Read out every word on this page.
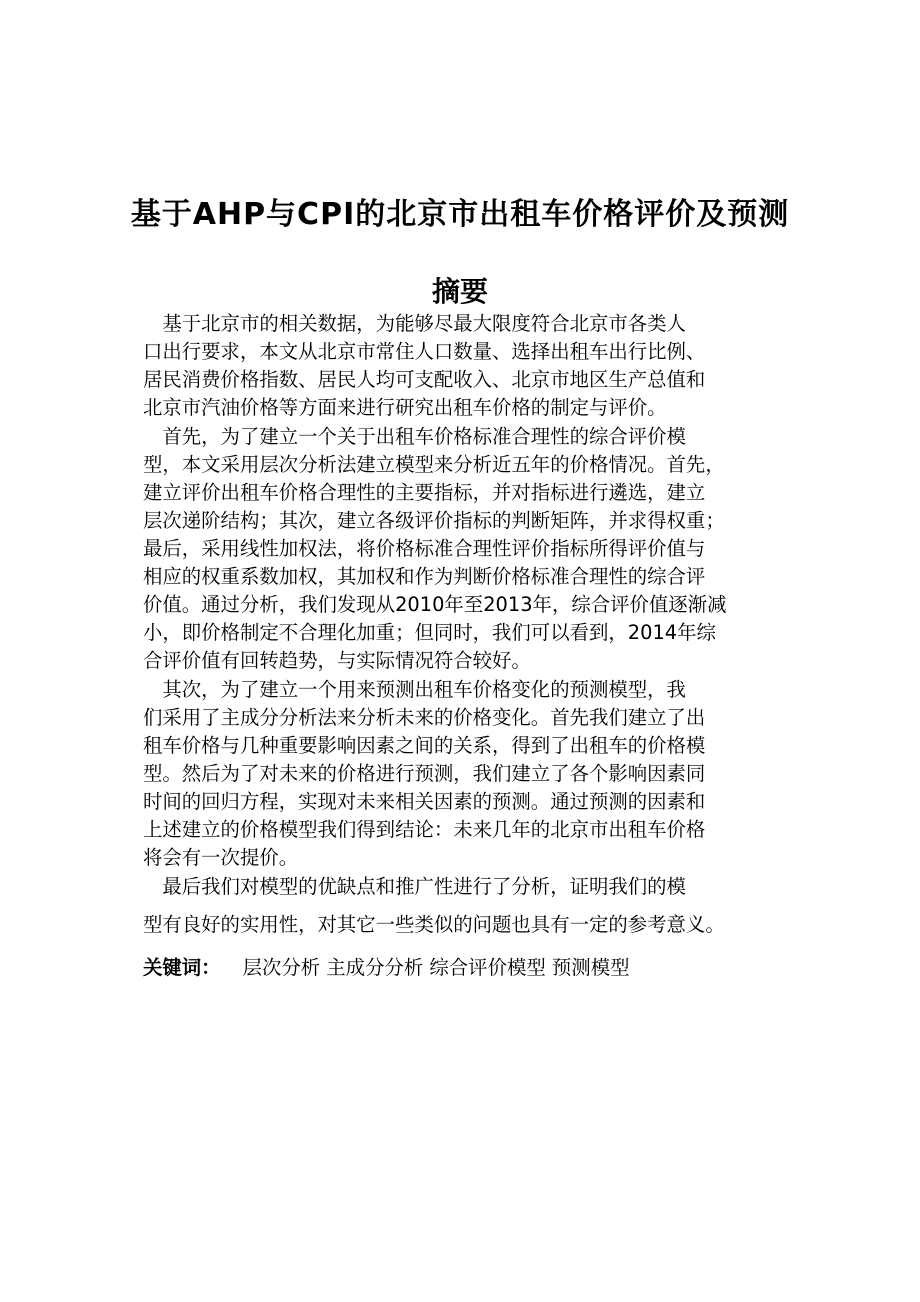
基于AHP与CPI的北京市出租车价格评价及预测
摘要
　基于北京市的相关数据，为能够尽最大限度符合北京市各类人
口出行要求，本文从北京市常住人口数量、选择出租车出行比例、
居民消费价格指数、居民人均可支配收入、北京市地区生产总值和
北京市汽油价格等方面来进行研究出租车价格的制定与评价。
　首先，为了建立一个关于出租车价格标准合理性的综合评价模
型，本文采用层次分析法建立模型来分析近五年的价格情况。首先，
建立评价出租车价格合理性的主要指标，并对指标进行遴选，建立
层次递阶结构；其次，建立各级评价指标的判断矩阵，并求得权重；
最后，采用线性加权法，将价格标准合理性评价指标所得评价值与
相应的权重系数加权，其加权和作为判断价格标准合理性的综合评
价值。通过分析，我们发现从2010年至2013年，综合评价值逐渐减
小，即价格制定不合理化加重；但同时，我们可以看到，2014年综
合评价值有回转趋势，与实际情况符合较好。
　其次，为了建立一个用来预测出租车价格变化的预测模型，我
们采用了主成分分析法来分析未来的价格变化。首先我们建立了出
租车价格与几种重要影响因素之间的关系，得到了出租车的价格模
型。然后为了对未来的价格进行预测，我们建立了各个影响因素同
时间的回归方程，实现对未来相关因素的预测。通过预测的因素和
上述建立的价格模型我们得到结论：未来几年的北京市出租车价格
将会有一次提价。
　最后我们对模型的优缺点和推广性进行了分析，证明我们的模
型有良好的实用性，对其它一些类似的问题也具有一定的参考意义。
关键词： 层次分析 主成分分析 综合评价模型 预测模型
